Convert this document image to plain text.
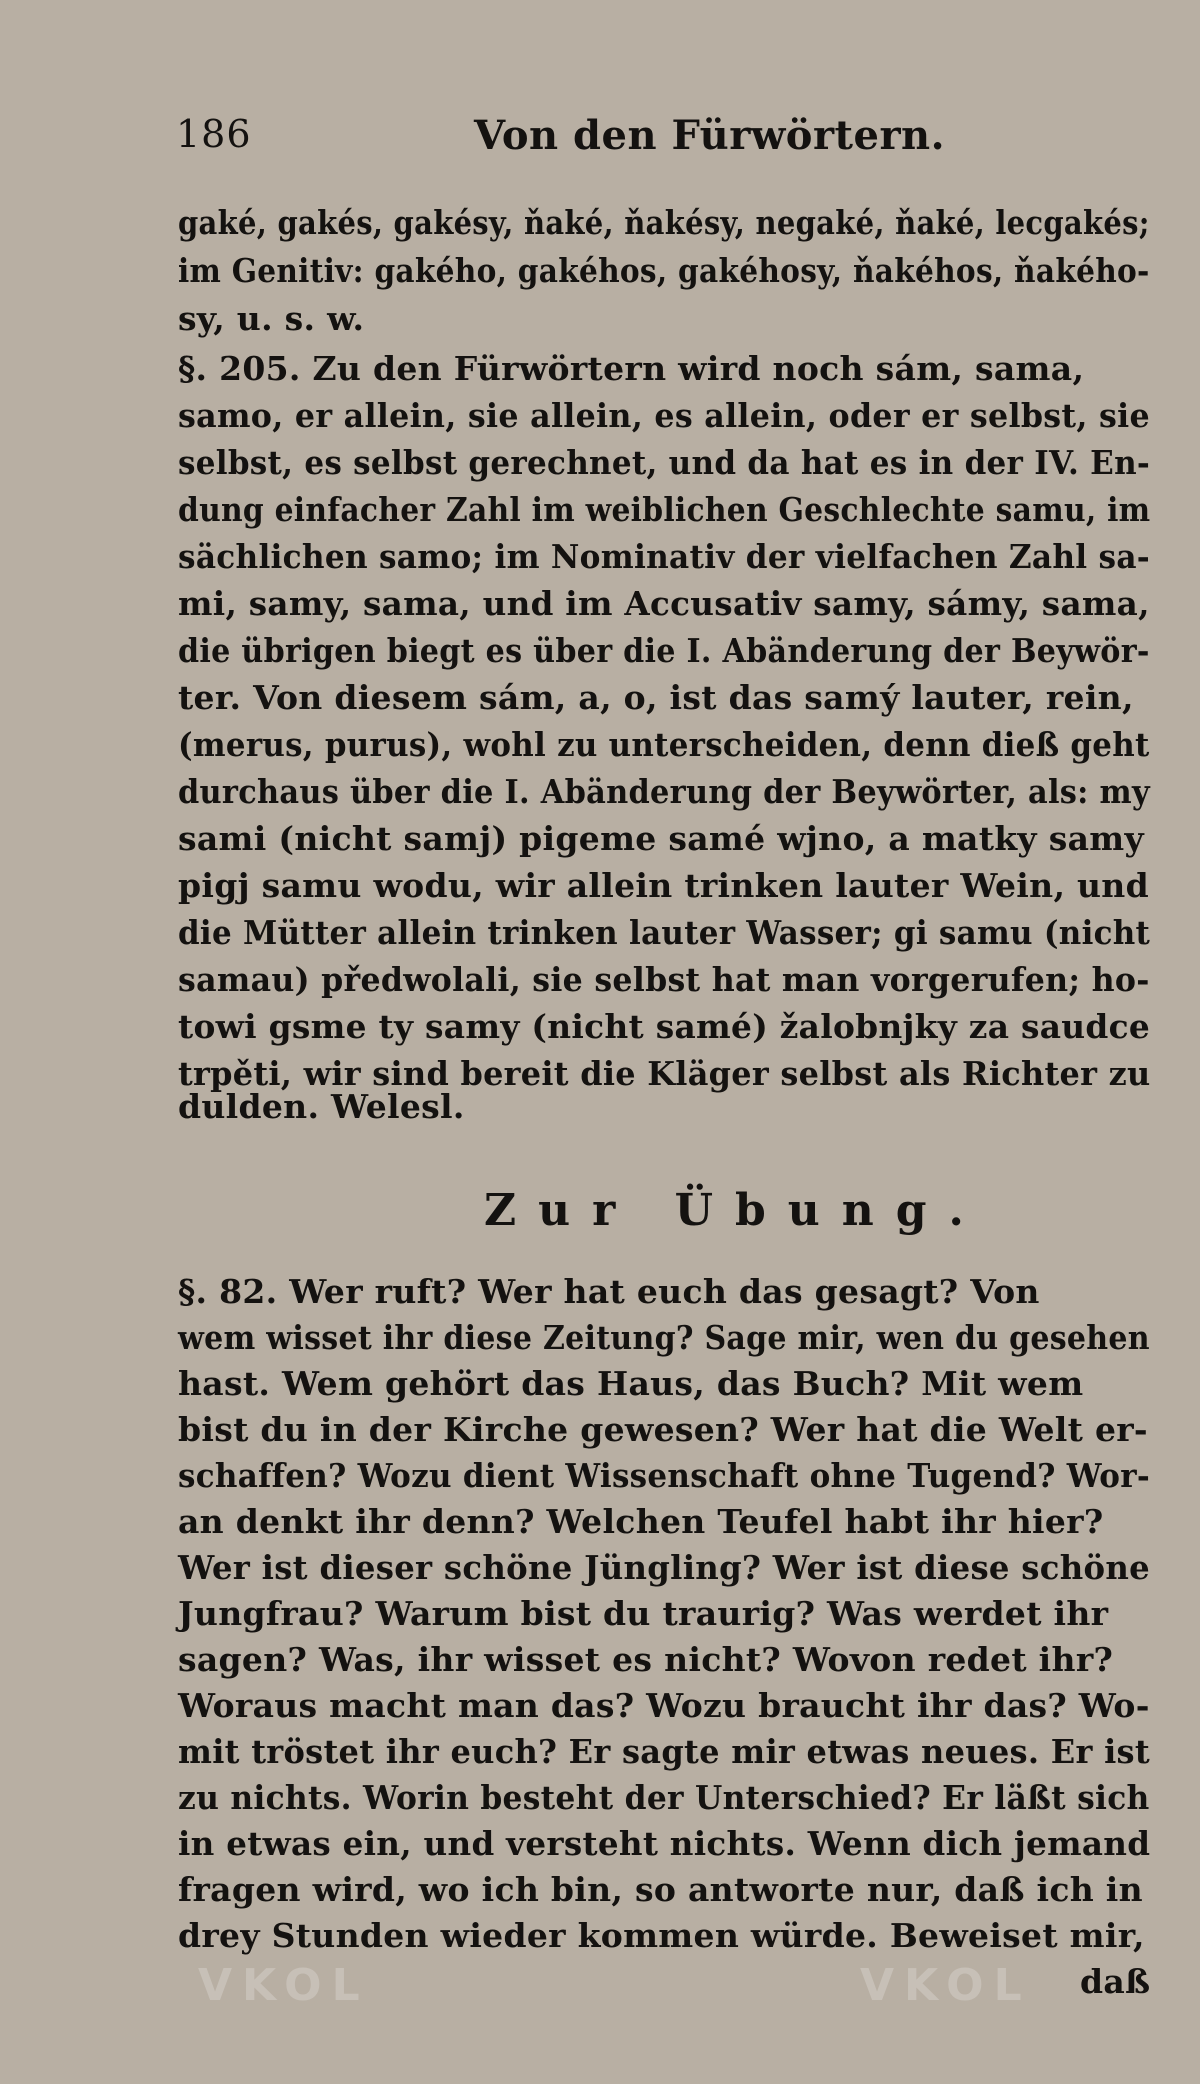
186	Von den Fürwörtern.
gaké, gakés, gakésy, ňaké, ňakésy, negaké, ňaké, lecgakés;
im Genitiv: gakého, gakéhos, gakéhosy, ňakéhos, ňakého-
sy, u. s. w.
§. 205. Zu den Fürwörtern wird noch sám, sama,
samo, er allein, sie allein, es allein, oder er selbst, sie
selbst, es selbst gerechnet, und da hat es in der IV. En-
dung einfacher Zahl im weiblichen Geschlechte samu, im
sächlichen samo; im Nominativ der vielfachen Zahl sa-
mi, samy, sama, und im Accusativ samy, sámy, sama,
die übrigen biegt es über die I. Abänderung der Beywör-
ter. Von diesem sám, a, o, ist das samý lauter, rein,
(merus, purus), wohl zu unterscheiden, denn dieß geht
durchaus über die I. Abänderung der Beywörter, als: my
sami (nicht samj) pigeme samé wjno, a matky samy
pigj samu wodu, wir allein trinken lauter Wein, und
die Mütter allein trinken lauter Wasser; gi samu (nicht
samau) předwolali, sie selbst hat man vorgerufen; ho-
towi gsme ty samy (nicht samé) žalobnjky za saudce
trpěti, wir sind bereit die Kläger selbst als Richter zu
dulden. Welesl.
Zur Übung.
§. 82. Wer ruft? Wer hat euch das gesagt? Von
wem wisset ihr diese Zeitung? Sage mir, wen du gesehen
hast. Wem gehört das Haus, das Buch? Mit wem
bist du in der Kirche gewesen? Wer hat die Welt er-
schaffen? Wozu dient Wissenschaft ohne Tugend? Wor-
an denkt ihr denn? Welchen Teufel habt ihr hier?
Wer ist dieser schöne Jüngling? Wer ist diese schöne
Jungfrau? Warum bist du traurig? Was werdet ihr
sagen? Was, ihr wisset es nicht? Wovon redet ihr?
Woraus macht man das? Wozu braucht ihr das? Wo-
mit tröstet ihr euch? Er sagte mir etwas neues. Er ist
zu nichts. Worin besteht der Unterschied? Er läßt sich
in etwas ein, und versteht nichts. Wenn dich jemand
fragen wird, wo ich bin, so antworte nur, daß ich in
drey Stunden wieder kommen würde. Beweiset mir,
daß
VKOL	VKOL
